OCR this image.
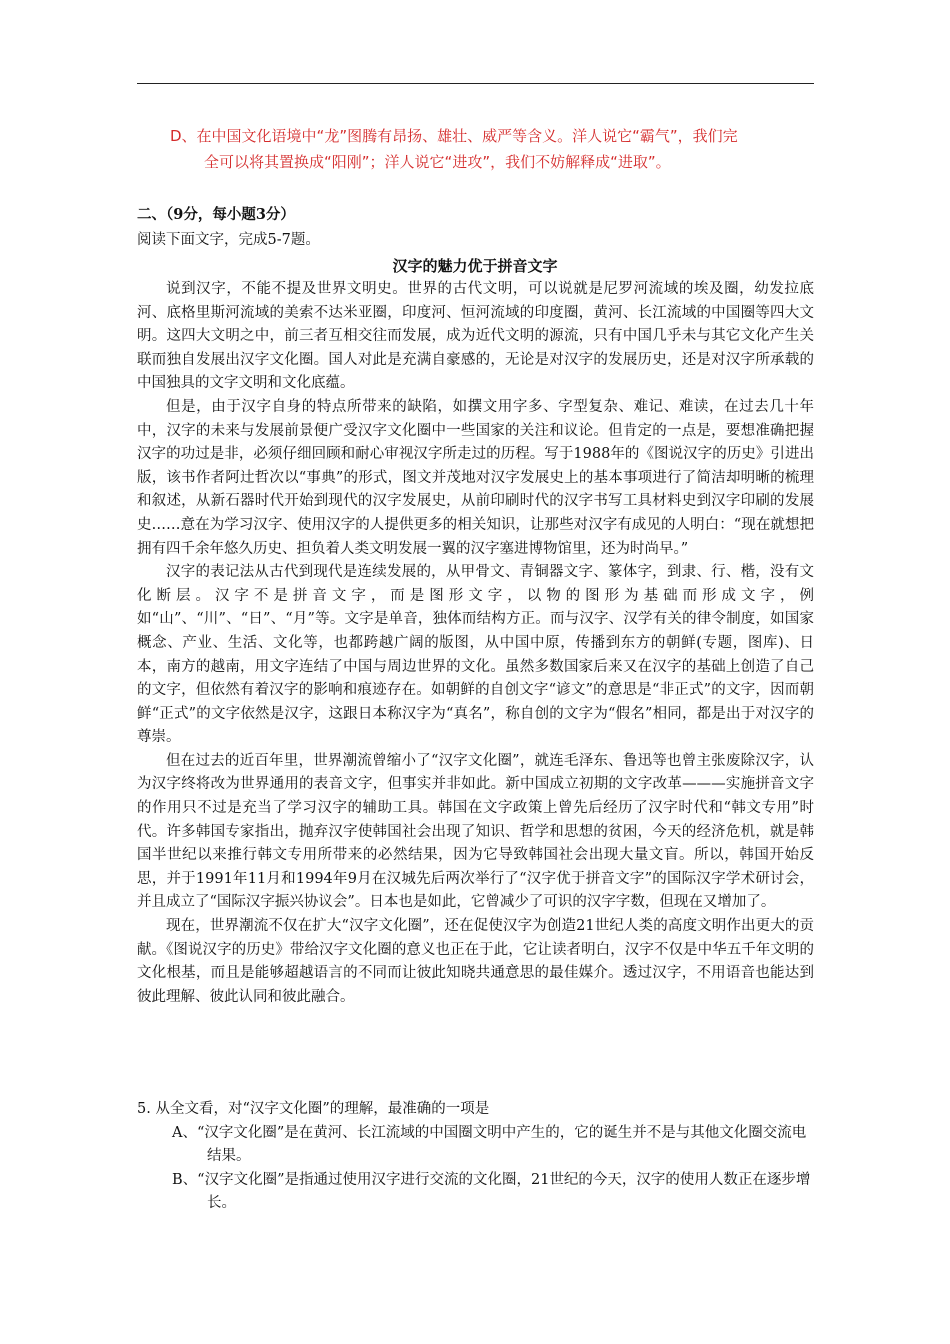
D、在中国文化语境中“龙”图腾有昂扬、雄壮、威严等含义。洋人说它“霸气”，我们完
全可以将其置换成“阳刚”；洋人说它“进攻”，我们不妨解释成“进取”。
二、（9分，每小题3分）
阅读下面文字，完成5-7题。
汉字的魅力优于拼音文字

说到汉字，不能不提及世界文明史。世界的古代文明，可以说就是尼罗河流域的埃及圈，幼发拉底河、底格里斯河流域的美索不达米亚圈，印度河、恒河流域的印度圈，黄河、长江流域的中国圈等四大文明。这四大文明之中，前三者互相交往而发展，成为近代文明的源流，只有中国几乎未与其它文化产生关联而独自发展出汉字文化圈。国人对此是充满自豪感的，无论是对汉字的发展历史，还是对汉字所承载的中国独具的文字文明和文化底蕴。

但是，由于汉字自身的特点所带来的缺陷，如撰文用字多、字型复杂、难记、难读，在过去几十年中，汉字的未来与发展前景便广受汉字文化圈中一些国家的关注和议论。但肯定的一点是，要想准确把握汉字的功过是非，必须仔细回顾和耐心审视汉字所走过的历程。写于1988年的《图说汉字的历史》引进出版，该书作者阿辻哲次以“事典”的形式，图文并茂地对汉字发展史上的基本事项进行了简洁却明晰的梳理和叙述，从新石器时代开始到现代的汉字发展史，从前印刷时代的汉字书写工具材料史到汉字印刷的发展史……意在为学习汉字、使用汉字的人提供更多的相关知识，让那些对汉字有成见的人明白：“现在就想把拥有四千余年悠久历史、担负着人类文明发展一翼的汉字塞进博物馆里，还为时尚早。”

汉字的表记法从古代到现代是连续发展的，从甲骨文、青铜器文字、篆体字，到隶、行、楷，没有文化断层。汉字不是拼音文字，而是图形文字，以物的图形为基础而形成文字，例如“山”、“川”、“日”、“月”等。文字是单音，独体而结构方正。而与汉字、汉学有关的律令制度，如国家概念、产业、生活、文化等，也都跨越广阔的版图，从中国中原，传播到东方的朝鲜(专题，图库)、日本，南方的越南，用文字连结了中国与周边世界的文化。虽然多数国家后来又在汉字的基础上创造了自己的文字，但依然有着汉字的影响和痕迹存在。如朝鲜的自创文字“谚文”的意思是“非正式”的文字，因而朝鲜“正式”的文字依然是汉字，这跟日本称汉字为“真名”，称自创的文字为“假名”相同，都是出于对汉字的尊崇。

但在过去的近百年里，世界潮流曾缩小了“汉字文化圈”，就连毛泽东、鲁迅等也曾主张废除汉字，认为汉字终将改为世界通用的表音文字，但事实并非如此。新中国成立初期的文字改革———实施拼音文字的作用只不过是充当了学习汉字的辅助工具。韩国在文字政策上曾先后经历了汉字时代和“韩文专用”时代。许多韩国专家指出，抛弃汉字使韩国社会出现了知识、哲学和思想的贫困，今天的经济危机，就是韩国半世纪以来推行韩文专用所带来的必然结果，因为它导致韩国社会出现大量文盲。所以，韩国开始反思，并于1991年11月和1994年9月在汉城先后两次举行了“汉字优于拼音文字”的国际汉字学术研讨会，并且成立了“国际汉字振兴协议会”。日本也是如此，它曾减少了可识的汉字字数，但现在又增加了。

现在，世界潮流不仅在扩大“汉字文化圈”，还在促使汉字为创造21世纪人类的高度文明作出更大的贡献。《图说汉字的历史》带给汉字文化圈的意义也正在于此，它让读者明白，汉字不仅是中华五千年文明的文化根基，而且是能够超越语言的不同而让彼此知晓共通意思的最佳媒介。透过汉字，不用语音也能达到彼此理解、彼此认同和彼此融合。

5. 从全文看，对“汉字文化圈”的理解，最准确的一项是

A、“汉字文化圈”是在黄河、长江流域的中国圈文明中产生的，它的诞生并不是与其他文化圈交流电结果。

B、“汉字文化圈”是指通过使用汉字进行交流的文化圈，21世纪的今天，汉字的使用人数正在逐步增长。
